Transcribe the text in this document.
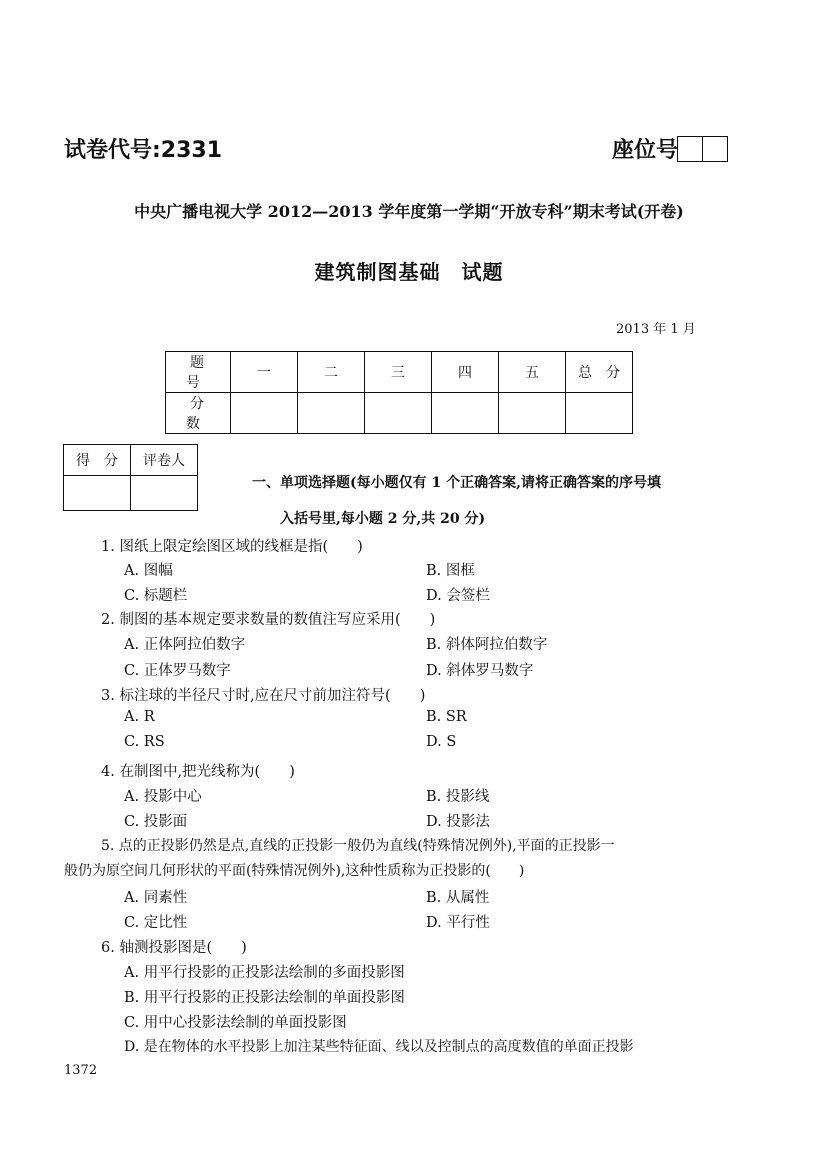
试卷代号:2331	座位号
中央广播电视大学 2012—2013 学年度第一学期“开放专科”期末考试(开卷)
建筑制图基础　试题
2013 年 1 月
题　号	一	二	三	四	五	总　分
分　数						
得　分	评卷人

一、单项选择题(每小题仅有 1 个正确答案,请将正确答案的序号填
入括号里,每小题 2 分,共 20 分)
1. 图纸上限定绘图区域的线框是指(　　)
A. 图幅	B. 图框
C. 标题栏	D. 会签栏
2. 制图的基本规定要求数量的数值注写应采用(　　)
A. 正体阿拉伯数字	B. 斜体阿拉伯数字
C. 正体罗马数字	D. 斜体罗马数字
3. 标注球的半径尺寸时,应在尺寸前加注符号(　　)
A. R	B. SR
C. RS	D. S
4. 在制图中,把光线称为(　　)
A. 投影中心	B. 投影线
C. 投影面	D. 投影法
5. 点的正投影仍然是点,直线的正投影一般仍为直线(特殊情况例外),平面的正投影一
般仍为原空间几何形状的平面(特殊情况例外),这种性质称为正投影的(　　)
A. 同素性	B. 从属性
C. 定比性	D. 平行性
6. 轴测投影图是(　　)
A. 用平行投影的正投影法绘制的多面投影图
B. 用平行投影的正投影法绘制的单面投影图
C. 用中心投影法绘制的单面投影图
D. 是在物体的水平投影上加注某些特征面、线以及控制点的高度数值的单面正投影
1372
